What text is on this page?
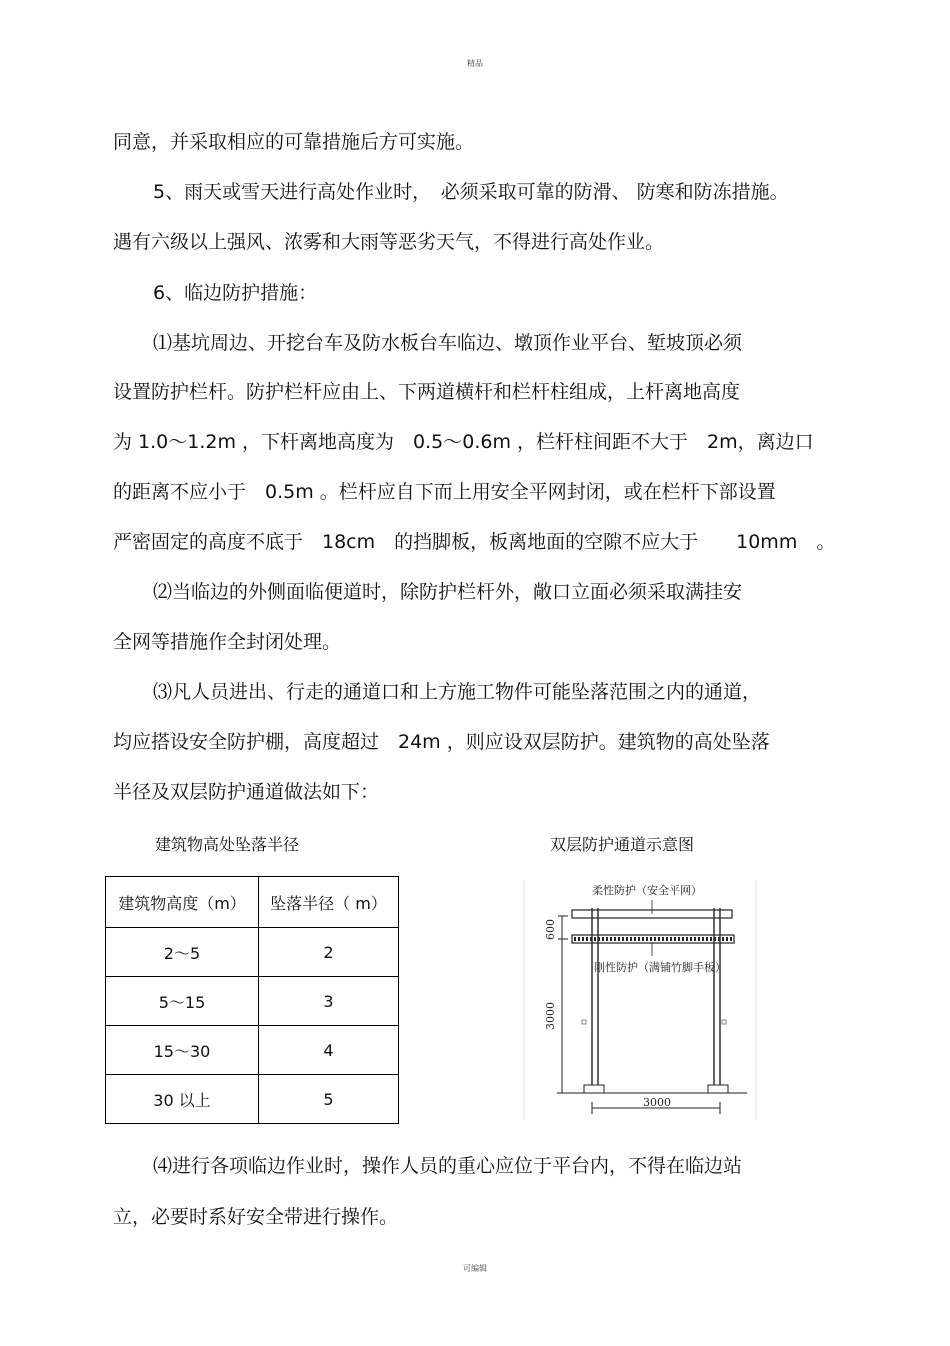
精品
同意，并采取相应的可靠措施后方可实施。
5、雨天或雪天进行高处作业时，　必须采取可靠的防滑、 防寒和防冻措施。
遇有六级以上强风、浓雾和大雨等恶劣天气，不得进行高处作业。
6、临边防护措施：
⑴基坑周边、开挖台车及防水板台车临边、墩顶作业平台、堑坡顶必须
设置防护栏杆。防护栏杆应由上、下两道横杆和栏杆柱组成，上杆离地高度
为 1.0～1.2m ，下杆离地高度为　0.5～0.6m ，栏杆柱间距不大于　2m，离边口
的距离不应小于　0.5m 。栏杆应自下而上用安全平网封闭，或在栏杆下部设置
严密固定的高度不底于　18cm　的挡脚板，板离地面的空隙不应大于　　10mm　。
⑵当临边的外侧面临便道时，除防护栏杆外，敞口立面必须采取满挂安
全网等措施作全封闭处理。
⑶凡人员进出、行走的通道口和上方施工物件可能坠落范围之内的通道，
均应搭设安全防护棚，高度超过　24m ，则应设双层防护。建筑物的高处坠落
半径及双层防护通道做法如下：
建筑物高处坠落半径	双层防护通道示意图
建筑物高度（m）	坠落半径（ m）
2～5	2
5～15	3
15～30	4
30 以上	5
柔性防护（安全平网）
刚性防护（满铺竹脚手板）
600
3000
3000
⑷进行各项临边作业时，操作人员的重心应位于平台内，不得在临边站
立，必要时系好安全带进行操作。
可编辑
